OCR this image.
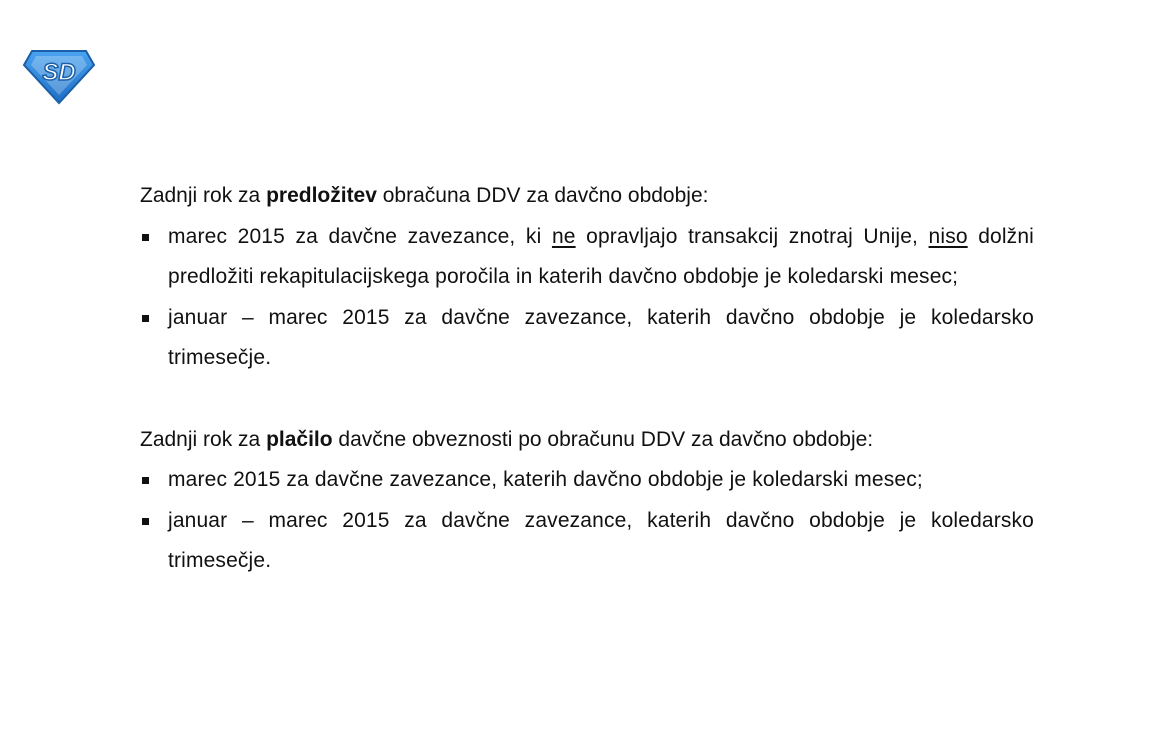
SD

Zadnji rok za predložitev obračuna DDV za davčno obdobje:

marec 2015 za davčne zavezance, ki ne opravljajo transakcij znotraj Unije, niso dolžni predložiti rekapitulacijskega poročila in katerih davčno obdobje je koledarski mesec;
januar – marec 2015 za davčne zavezance, katerih davčno obdobje je koledarsko trimesečje.

Zadnji rok za plačilo davčne obveznosti po obračunu DDV za davčno obdobje:

marec 2015 za davčne zavezance, katerih davčno obdobje je koledarski mesec;
januar – marec 2015 za davčne zavezance, katerih davčno obdobje je koledarsko trimesečje.
